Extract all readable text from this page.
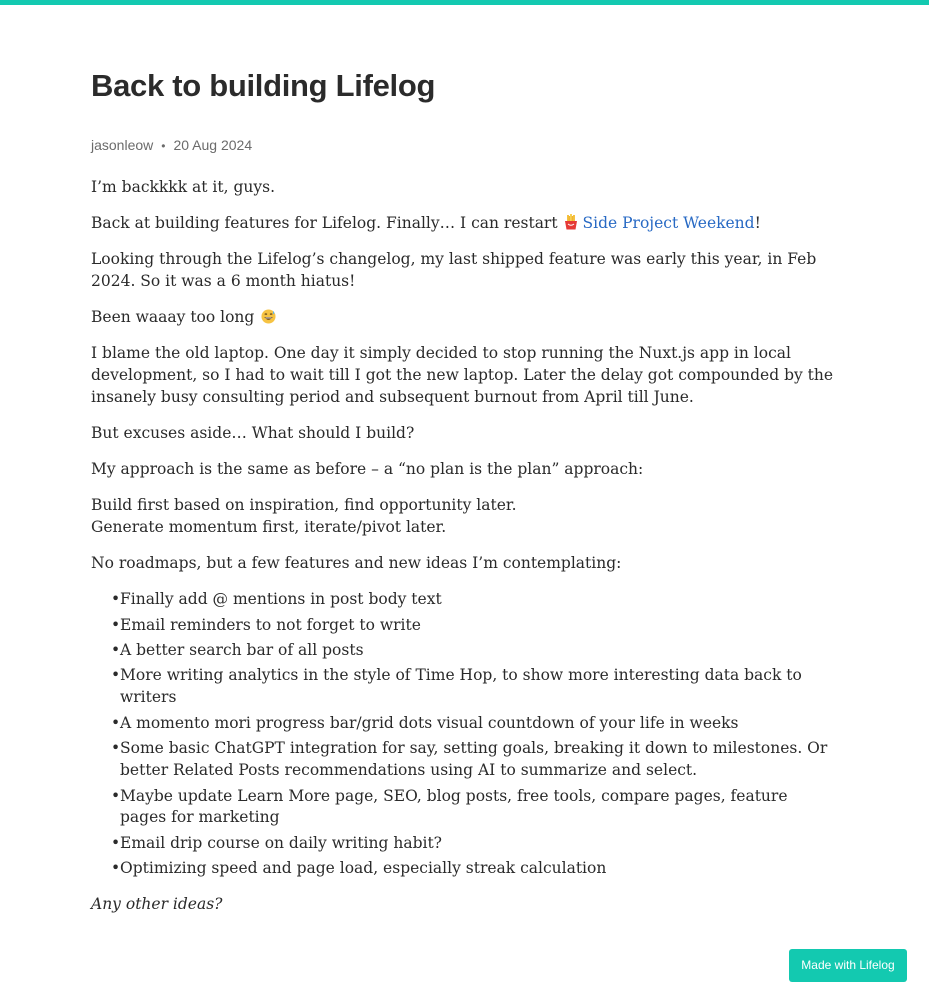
Back to building Lifelog
jasonleow • 20 Aug 2024

I’m backkkk at it, guys.

Back at building features for Lifelog. Finally… I can restart Side Project Weekend!

Looking through the Lifelog’s changelog, my last shipped feature was early this year, in Feb 2024. So it was a 6 month hiatus!

Been waaay too long

I blame the old laptop. One day it simply decided to stop running the Nuxt.js app in local development, so I had to wait till I got the new laptop. Later the delay got compounded by the insanely busy consulting period and subsequent burnout from April till June.

But excuses aside… What should I build?

My approach is the same as before – a “no plan is the plan” approach:

Build first based on inspiration, find opportunity later.
Generate momentum first, iterate/pivot later.

No roadmaps, but a few features and new ideas I’m contemplating:

• Finally add @ mentions in post body text
• Email reminders to not forget to write
• A better search bar of all posts
• More writing analytics in the style of Time Hop, to show more interesting data back to writers
• A momento mori progress bar/grid dots visual countdown of your life in weeks
• Some basic ChatGPT integration for say, setting goals, breaking it down to milestones. Or better Related Posts recommendations using AI to summarize and select.
• Maybe update Learn More page, SEO, blog posts, free tools, compare pages, feature pages for marketing
• Email drip course on daily writing habit?
• Optimizing speed and page load, especially streak calculation

Any other ideas?

Made with Lifelog
